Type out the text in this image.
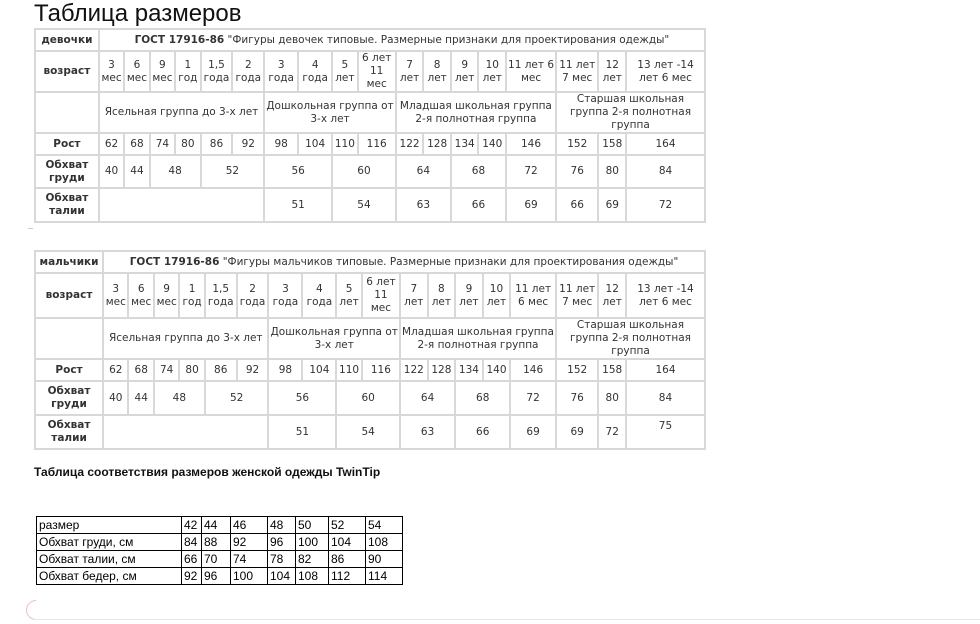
Таблица размеров
девочки	ГОСТ 17916-86 "Фигуры девочек типовые. Размерные признаки для проектирования одежды"																	
возраст	3 мес	6 мес	9 мес	1 год	1,5 года	2 года	3 года	4 года	5 лет	6 лет 11 мес	7 лет	8 лет	9 лет	10 лет	11 лет 6 мес	11 лет 7 мес	12 лет	13 лет -14 лет 6 мес
	Ясельная группа до 3-х лет						Дошкольная группа от 3-х лет				Младшая школьная группа 2-я полнотная группа					Старшая школьная группа 2-я полнотная группа		
Рост	62	68	74	80	86	92	98	104	110	116	122	128	134	140	146	152	158	164
Обхват груди	40	44	48		52		56		60		64		68		72	76	80	84
Обхват талии							51		54		63		66		69	66	69	72
мальчики	ГОСТ 17916-86 "Фигуры мальчиков типовые. Размерные признаки для проектирования одежды"																	
возраст	3 мес	6 мес	9 мес	1 год	1,5 года	2 года	3 года	4 года	5 лет	6 лет 11 мес	7 лет	8 лет	9 лет	10 лет	11 лет 6 мес	11 лет 7 мес	12 лет	13 лет -14 лет 6 мес
	Ясельная группа до 3-х лет						Дошкольная группа от 3-х лет				Младшая школьная группа 2-я полнотная группа					Старшая школьная группа 2-я полнотная группа		
Рост	62	68	74	80	86	92	98	104	110	116	122	128	134	140	146	152	158	164
Обхват груди	40	44	48		52		56		60		64		68		72	76	80	84
Обхват талии							51		54		63		66		69	69	72	75
Таблица соответствия размеров женской одежды TwinTip
размер	42	44	46	48	50	52	54
Обхват груди, см	84	88	92	96	100	104	108
Обхват талии, см	66	70	74	78	82	86	90
Обхват бедер, см	92	96	100	104	108	112	114
